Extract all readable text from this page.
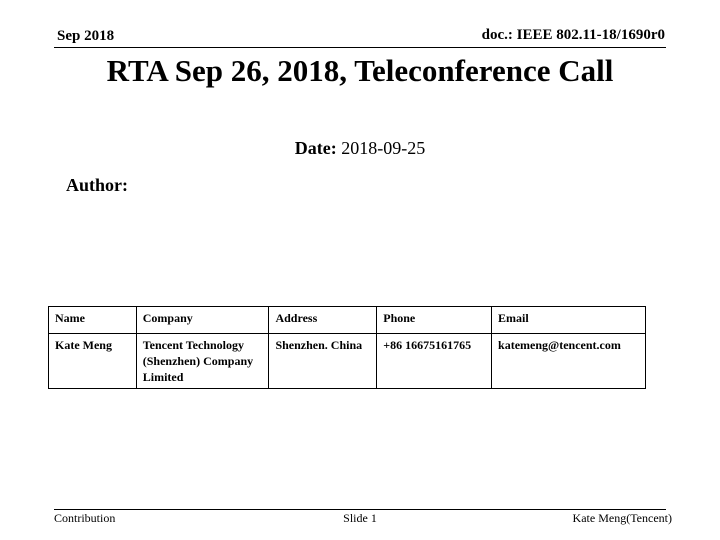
Sep 2018	doc.: IEEE 802.11-18/1690r0
RTA Sep 26, 2018, Teleconference Call
Date: 2018-09-25
Author:
Name	Company	Address	Phone	Email
Kate Meng	Tencent Technology (Shenzhen) Company Limited	Shenzhen. China	+86 16675161765	katemeng@tencent.com
Contribution	Slide 1	Kate Meng(Tencent)
